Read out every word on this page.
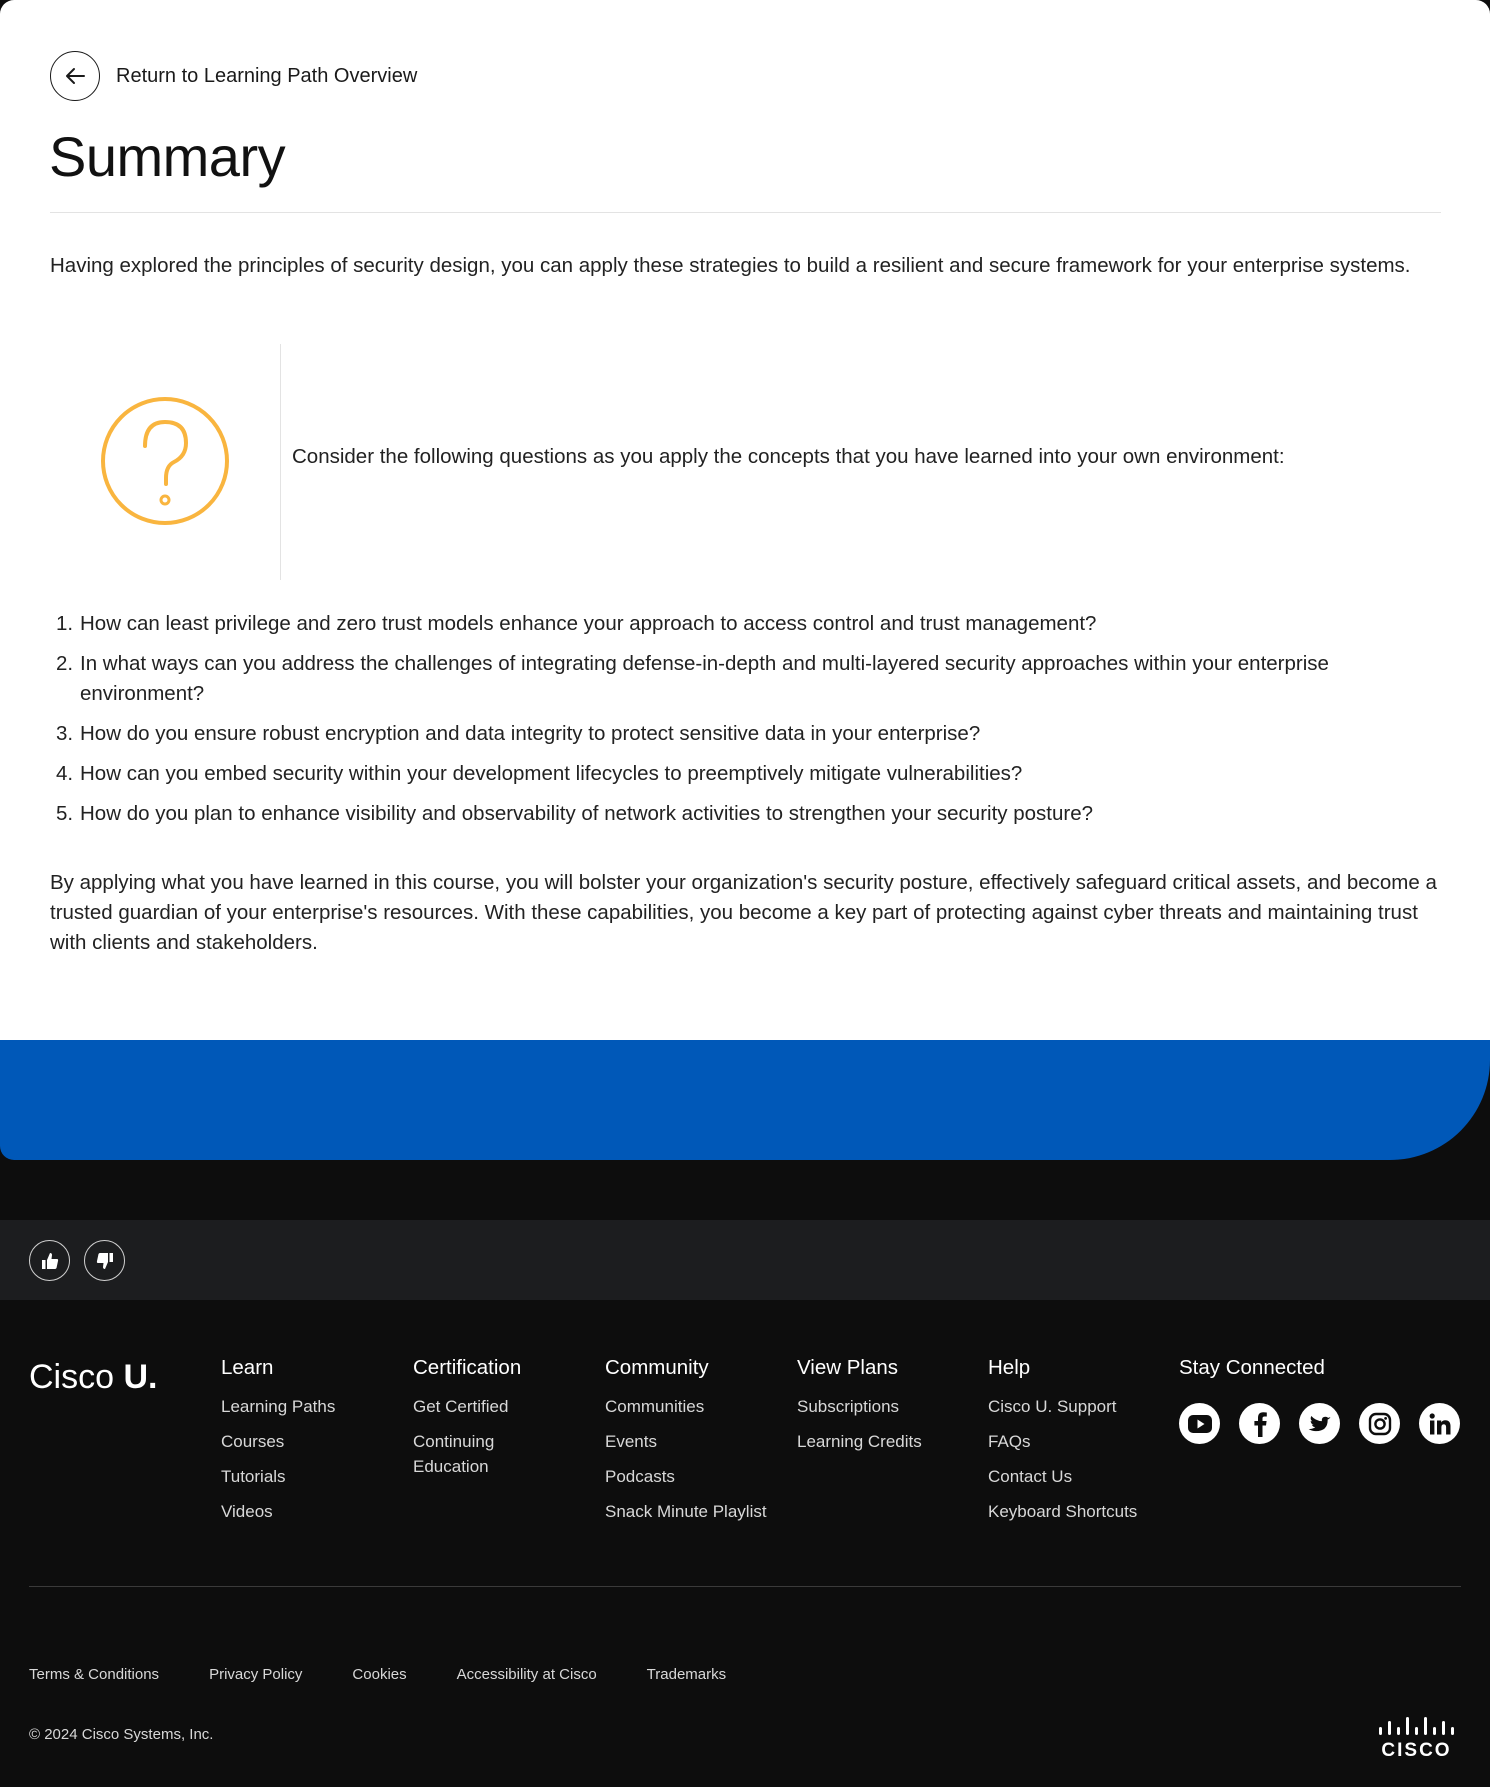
Return to Learning Path Overview
Summary

Having explored the principles of security design, you can apply these strategies to build a resilient and secure framework for your enterprise systems.

Consider the following questions as you apply the concepts that you have learned into your own environment:

1. How can least privilege and zero trust models enhance your approach to access control and trust management?
2. In what ways can you address the challenges of integrating defense-in-depth and multi-layered security approaches within your enterprise environment?
3. How do you ensure robust encryption and data integrity to protect sensitive data in your enterprise?
4. How can you embed security within your development lifecycles to preemptively mitigate vulnerabilities?
5. How do you plan to enhance visibility and observability of network activities to strengthen your security posture?

By applying what you have learned in this course, you will bolster your organization's security posture, effectively safeguard critical assets, and become a trusted guardian of your enterprise's resources. With these capabilities, you become a key part of protecting against cyber threats and maintaining trust with clients and stakeholders.

Cisco U.	Learn
Learning Paths
Courses
Tutorials
Videos
Certification
Get Certified
Continuing Education
Community
Communities
Events
Podcasts
Snack Minute Playlist
View Plans
Subscriptions
Learning Credits
Help
Cisco U. Support
FAQs
Contact Us
Keyboard Shortcuts
Stay Connected
Terms & Conditions	Privacy Policy	Cookies	Accessibility at Cisco	Trademarks
© 2024 Cisco Systems, Inc.
CISCO
